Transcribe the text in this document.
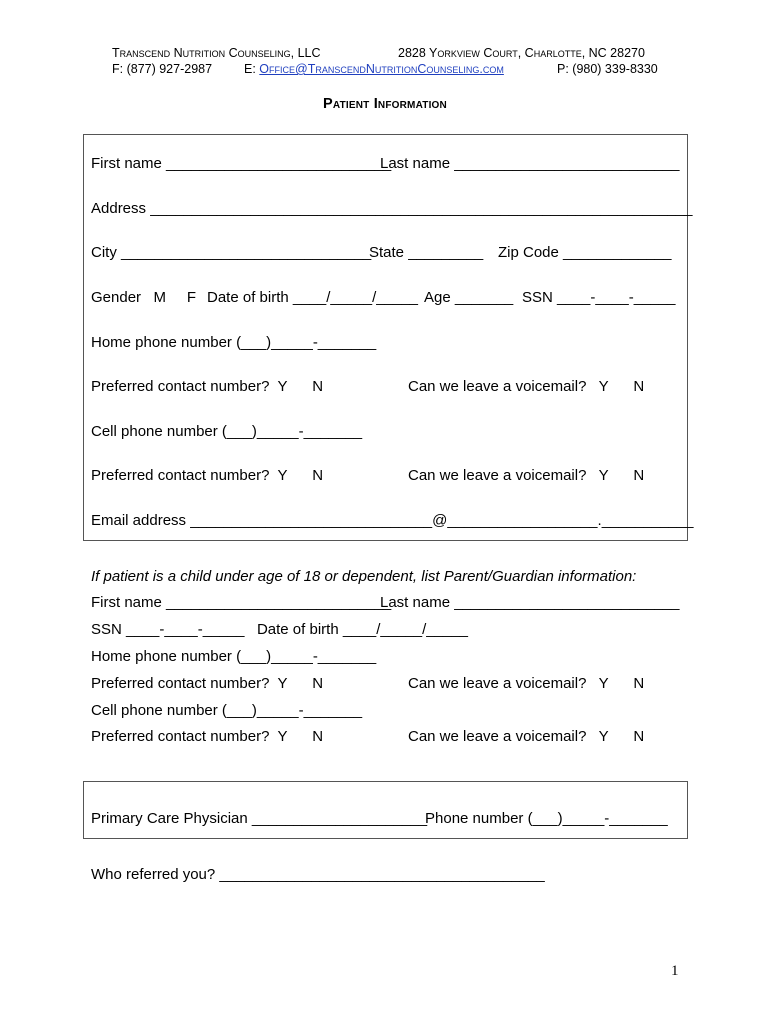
Transcend Nutrition Counseling, LLC	2828 Yorkview Court, Charlotte, NC 28270
F: (877) 927-2987	E: Office@TranscendNutritionCounseling.com	P: (980) 339-8330
Patient Information
First name ___________________________
Last name ___________________________
Address _________________________________________________________________
City ______________________________
State _________ Zip Code _____________
Gender   M     F Date of birth ____/_____/_____ Age _______ SSN ____-____-_____
Home phone number (___)_____-_______
Preferred contact number?  Y      N	Can we leave a voicemail?   Y      N
Cell phone number (___)_____-_______
Preferred contact number?  Y      N	Can we leave a voicemail?   Y      N
Email address _____________________________@__________________.___________
If patient is a child under age of 18 or dependent, list Parent/Guardian information:
First name ___________________________
Last name ___________________________
SSN ____-____-_____   Date of birth ____/_____/_____
Home phone number (___)_____-_______
Preferred contact number?  Y      N	Can we leave a voicemail?   Y      N
Cell phone number (___)_____-_______
Preferred contact number?  Y      N	Can we leave a voicemail?   Y      N
Primary Care Physician _____________________
Phone number (___)_____-_______
Who referred you? _______________________________________
1
